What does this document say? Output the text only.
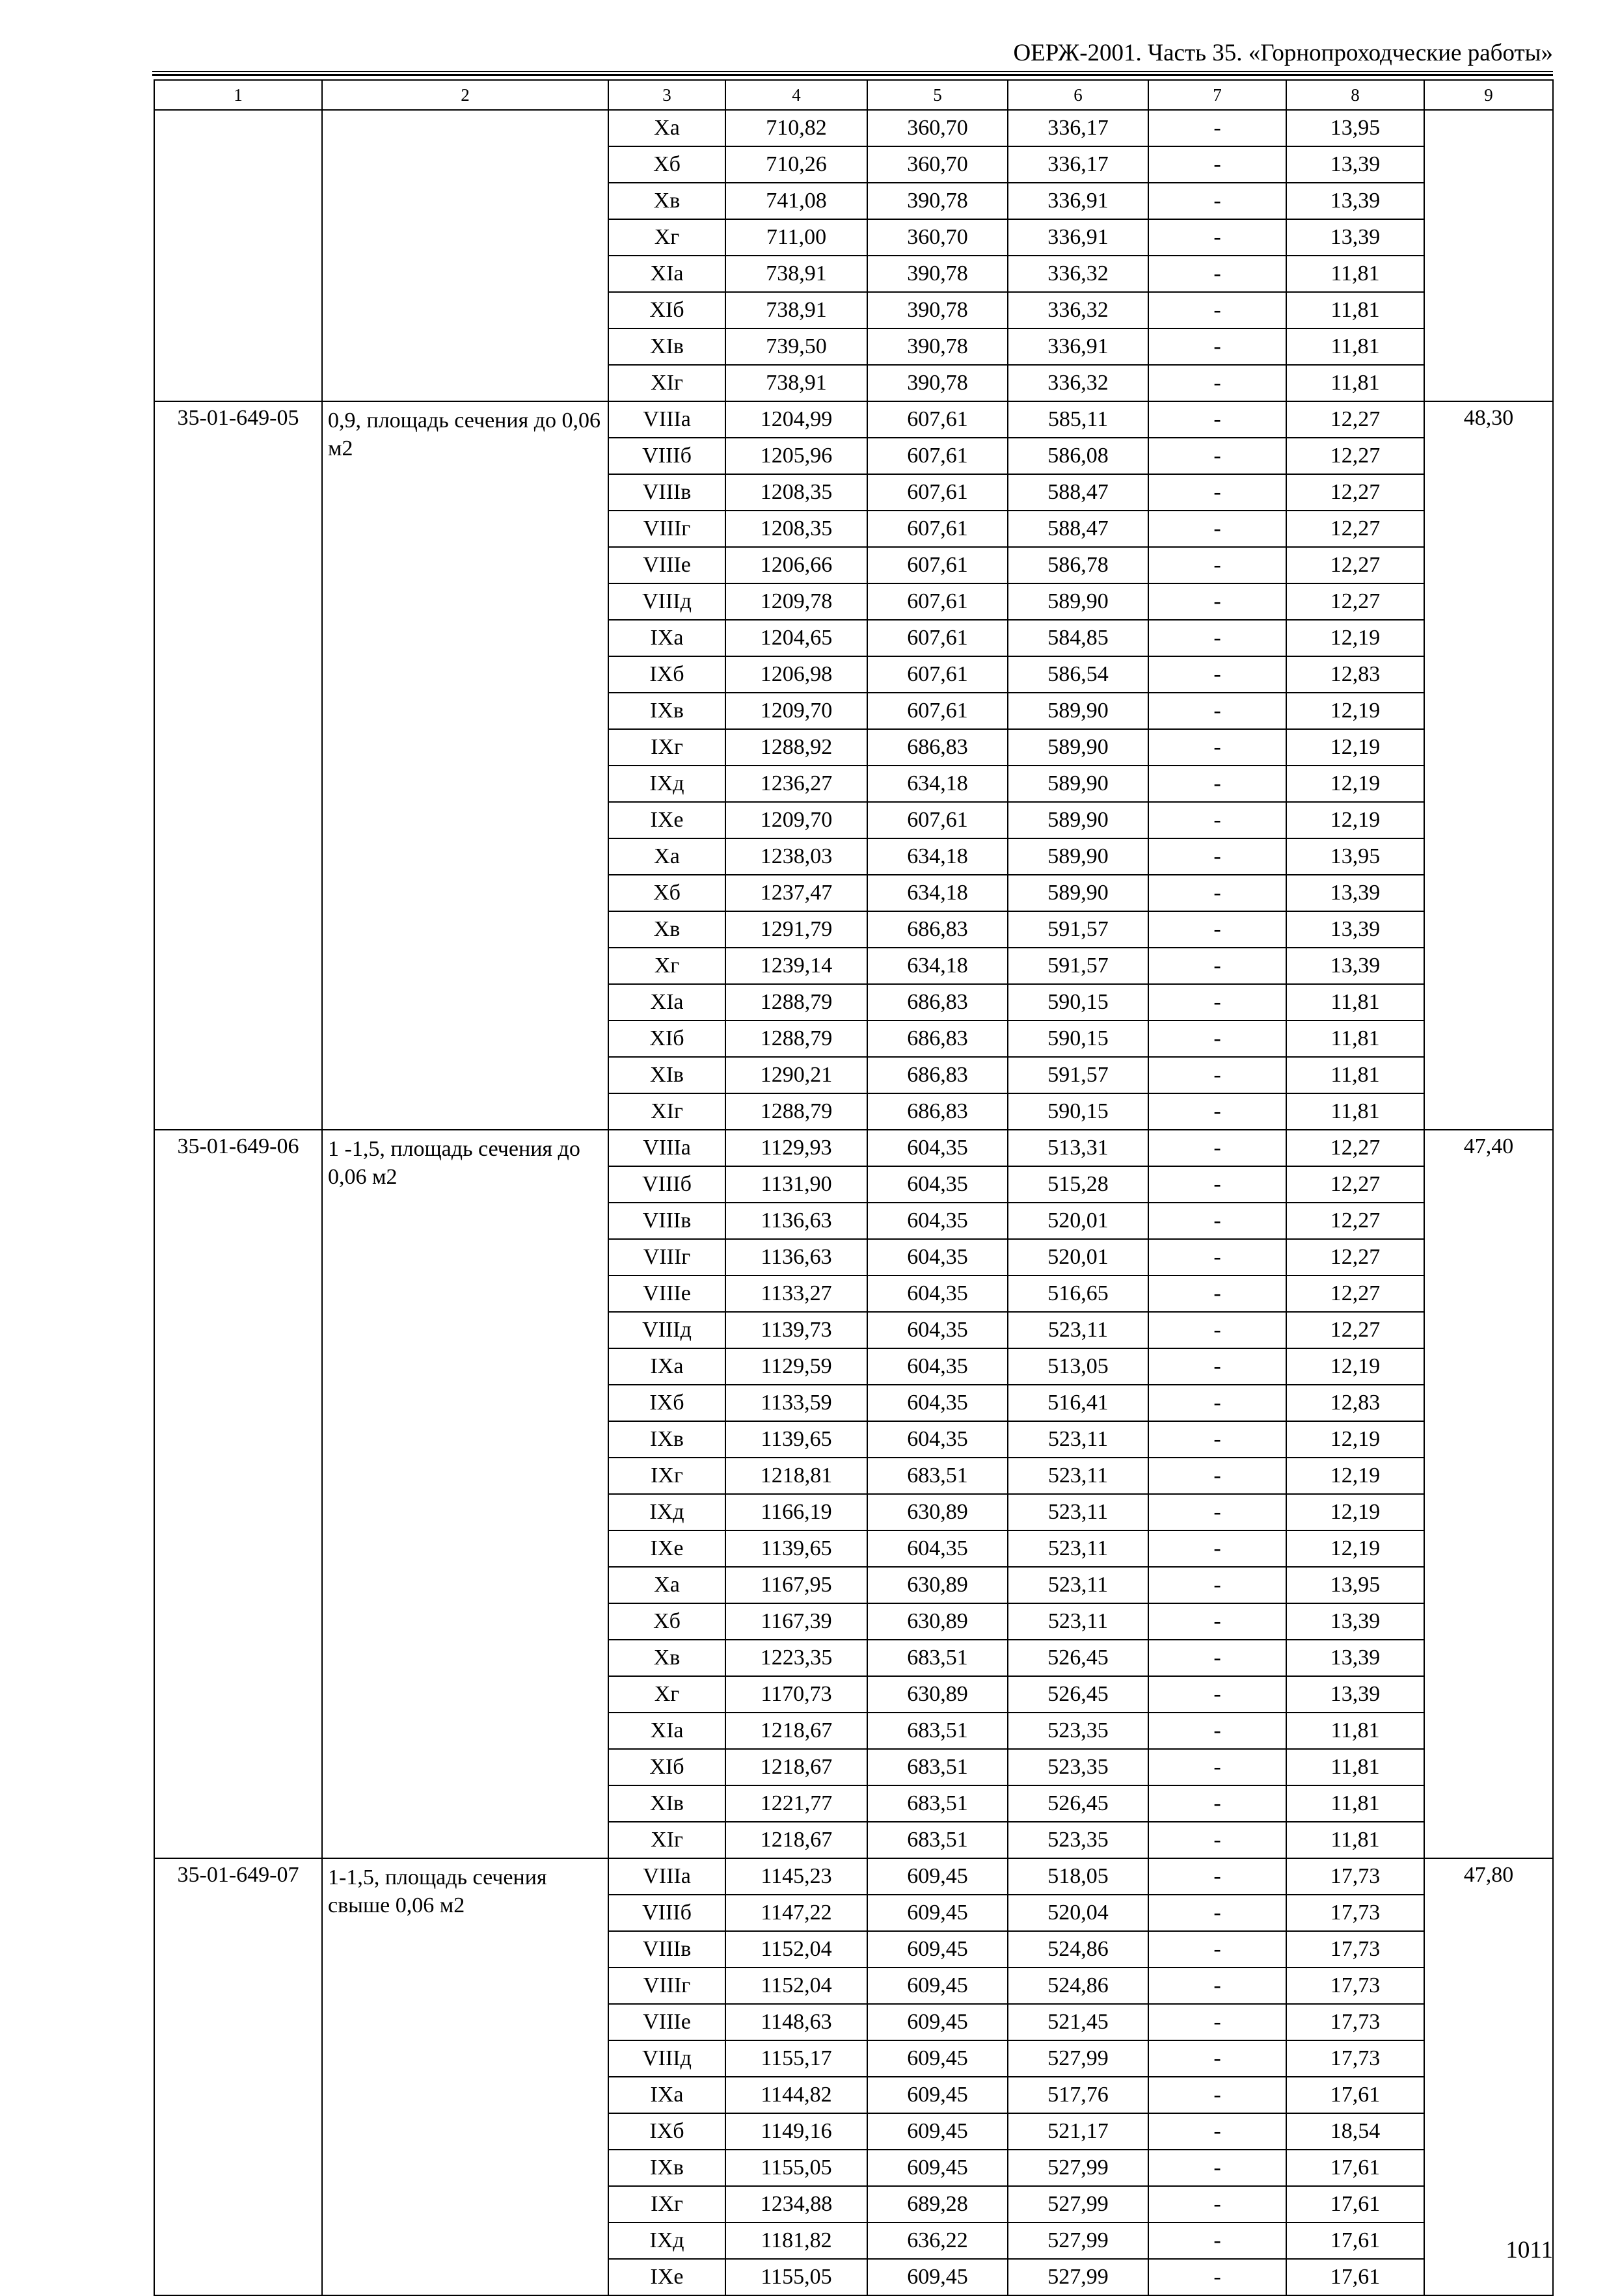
ОЕРЖ-2001. Часть 35. «Горнопроходческие работы»
1	2	3	4	5	6	7	8	9
		Xa	710,82	360,70	336,17	-	13,95	
		Xб	710,26	360,70	336,17	-	13,39	
		Xв	741,08	390,78	336,91	-	13,39	
		Xг	711,00	360,70	336,91	-	13,39	
		XIa	738,91	390,78	336,32	-	11,81	
		XIб	738,91	390,78	336,32	-	11,81	
		XIв	739,50	390,78	336,91	-	11,81	
		XIг	738,91	390,78	336,32	-	11,81	
35-01-649-05	0,9, площадь сечения до 0,06 м2	VIIIa	1204,99	607,61	585,11	-	12,27	48,30
		VIIIб	1205,96	607,61	586,08	-	12,27	
		VIIIв	1208,35	607,61	588,47	-	12,27	
		VIIIг	1208,35	607,61	588,47	-	12,27	
		VIIIе	1206,66	607,61	586,78	-	12,27	
		VIIIд	1209,78	607,61	589,90	-	12,27	
		IXa	1204,65	607,61	584,85	-	12,19	
		IXб	1206,98	607,61	586,54	-	12,83	
		IXв	1209,70	607,61	589,90	-	12,19	
		IXг	1288,92	686,83	589,90	-	12,19	
		IXд	1236,27	634,18	589,90	-	12,19	
		IXе	1209,70	607,61	589,90	-	12,19	
		Xa	1238,03	634,18	589,90	-	13,95	
		Xб	1237,47	634,18	589,90	-	13,39	
		Xв	1291,79	686,83	591,57	-	13,39	
		Xг	1239,14	634,18	591,57	-	13,39	
		XIa	1288,79	686,83	590,15	-	11,81	
		XIб	1288,79	686,83	590,15	-	11,81	
		XIв	1290,21	686,83	591,57	-	11,81	
		XIг	1288,79	686,83	590,15	-	11,81	
35-01-649-06	1 -1,5, площадь сечения до 0,06 м2	VIIIa	1129,93	604,35	513,31	-	12,27	47,40
		VIIIб	1131,90	604,35	515,28	-	12,27	
		VIIIв	1136,63	604,35	520,01	-	12,27	
		VIIIг	1136,63	604,35	520,01	-	12,27	
		VIIIе	1133,27	604,35	516,65	-	12,27	
		VIIIд	1139,73	604,35	523,11	-	12,27	
		IXa	1129,59	604,35	513,05	-	12,19	
		IXб	1133,59	604,35	516,41	-	12,83	
		IXв	1139,65	604,35	523,11	-	12,19	
		IXг	1218,81	683,51	523,11	-	12,19	
		IXд	1166,19	630,89	523,11	-	12,19	
		IXе	1139,65	604,35	523,11	-	12,19	
		Xa	1167,95	630,89	523,11	-	13,95	
		Xб	1167,39	630,89	523,11	-	13,39	
		Xв	1223,35	683,51	526,45	-	13,39	
		Xг	1170,73	630,89	526,45	-	13,39	
		XIa	1218,67	683,51	523,35	-	11,81	
		XIб	1218,67	683,51	523,35	-	11,81	
		XIв	1221,77	683,51	526,45	-	11,81	
		XIг	1218,67	683,51	523,35	-	11,81	
35-01-649-07	1-1,5, площадь сечения свыше 0,06 м2	VIIIa	1145,23	609,45	518,05	-	17,73	47,80
		VIIIб	1147,22	609,45	520,04	-	17,73	
		VIIIв	1152,04	609,45	524,86	-	17,73	
		VIIIг	1152,04	609,45	524,86	-	17,73	
		VIIIе	1148,63	609,45	521,45	-	17,73	
		VIIIд	1155,17	609,45	527,99	-	17,73	
		IXa	1144,82	609,45	517,76	-	17,61	
		IXб	1149,16	609,45	521,17	-	18,54	
		IXв	1155,05	609,45	527,99	-	17,61	
		IXг	1234,88	689,28	527,99	-	17,61	
		IXд	1181,82	636,22	527,99	-	17,61	
		IXе	1155,05	609,45	527,99	-	17,61	
1011
